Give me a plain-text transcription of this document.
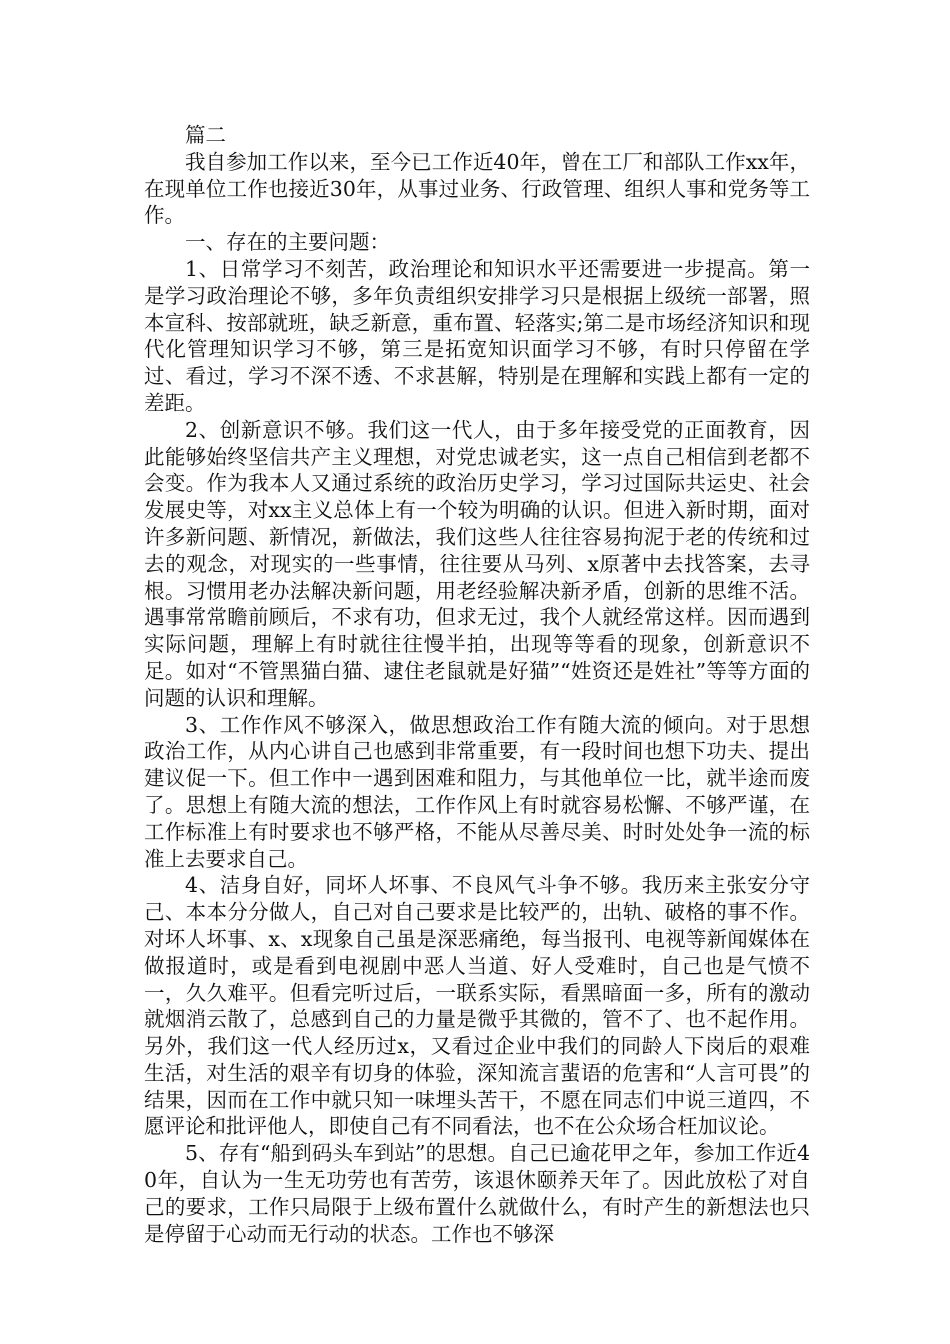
篇二

我自参加工作以来，至今已工作近40年，曾在工厂和部队工作xx年，在现单位工作也接近30年，从事过业务、行政管理、组织人事和党务等工作。

一、存在的主要问题：

1、日常学习不刻苦，政治理论和知识水平还需要进一步提高。第一是学习政治理论不够，多年负责组织安排学习只是根据上级统一部署，照本宣科、按部就班，缺乏新意，重布置、轻落实;第二是市场经济知识和现代化管理知识学习不够，第三是拓宽知识面学习不够，有时只停留在学过、看过，学习不深不透、不求甚解，特别是在理解和实践上都有一定的差距。

2、创新意识不够。我们这一代人，由于多年接受党的正面教育，因此能够始终坚信共产主义理想，对党忠诚老实，这一点自己相信到老都不会变。作为我本人又通过系统的政治历史学习，学习过国际共运史、社会发展史等，对xx主义总体上有一个较为明确的认识。但进入新时期，面对许多新问题、新情况，新做法，我们这些人往往容易拘泥于老的传统和过去的观念，对现实的一些事情，往往要从马列、x原著中去找答案，去寻根。习惯用老办法解决新问题，用老经验解决新矛盾，创新的思维不活。遇事常常瞻前顾后，不求有功，但求无过，我个人就经常这样。因而遇到实际问题，理解上有时就往往慢半拍，出现等等看的现象，创新意识不足。如对“不管黑猫白猫、逮住老鼠就是好猫”“姓资还是姓社”等等方面的问题的认识和理解。

3、工作作风不够深入，做思想政治工作有随大流的倾向。对于思想政治工作，从内心讲自己也感到非常重要，有一段时间也想下功夫、提出建议促一下。但工作中一遇到困难和阻力，与其他单位一比，就半途而废了。思想上有随大流的想法，工作作风上有时就容易松懈、不够严谨，在工作标准上有时要求也不够严格，不能从尽善尽美、时时处处争一流的标准上去要求自己。

4、洁身自好，同坏人坏事、不良风气斗争不够。我历来主张安分守己、本本分分做人，自己对自己要求是比较严的，出轨、破格的事不作。对坏人坏事、x、x现象自己虽是深恶痛绝，每当报刊、电视等新闻媒体在做报道时，或是看到电视剧中恶人当道、好人受难时，自己也是气愤不一，久久难平。但看完听过后，一联系实际，看黑暗面一多，所有的激动就烟消云散了，总感到自己的力量是微乎其微的，管不了、也不起作用。另外，我们这一代人经历过x，又看过企业中我们的同龄人下岗后的艰难生活，对生活的艰辛有切身的体验，深知流言蜚语的危害和“人言可畏”的结果，因而在工作中就只知一味埋头苦干，不愿在同志们中说三道四，不愿评论和批评他人，即使自己有不同看法，也不在公众场合枉加议论。

5、存有“船到码头车到站”的思想。自己已逾花甲之年，参加工作近40年，自认为一生无功劳也有苦劳，该退休颐养天年了。因此放松了对自己的要求，工作只局限于上级布置什么就做什么，有时产生的新想法也只是停留于心动而无行动的状态。工作也不够深
